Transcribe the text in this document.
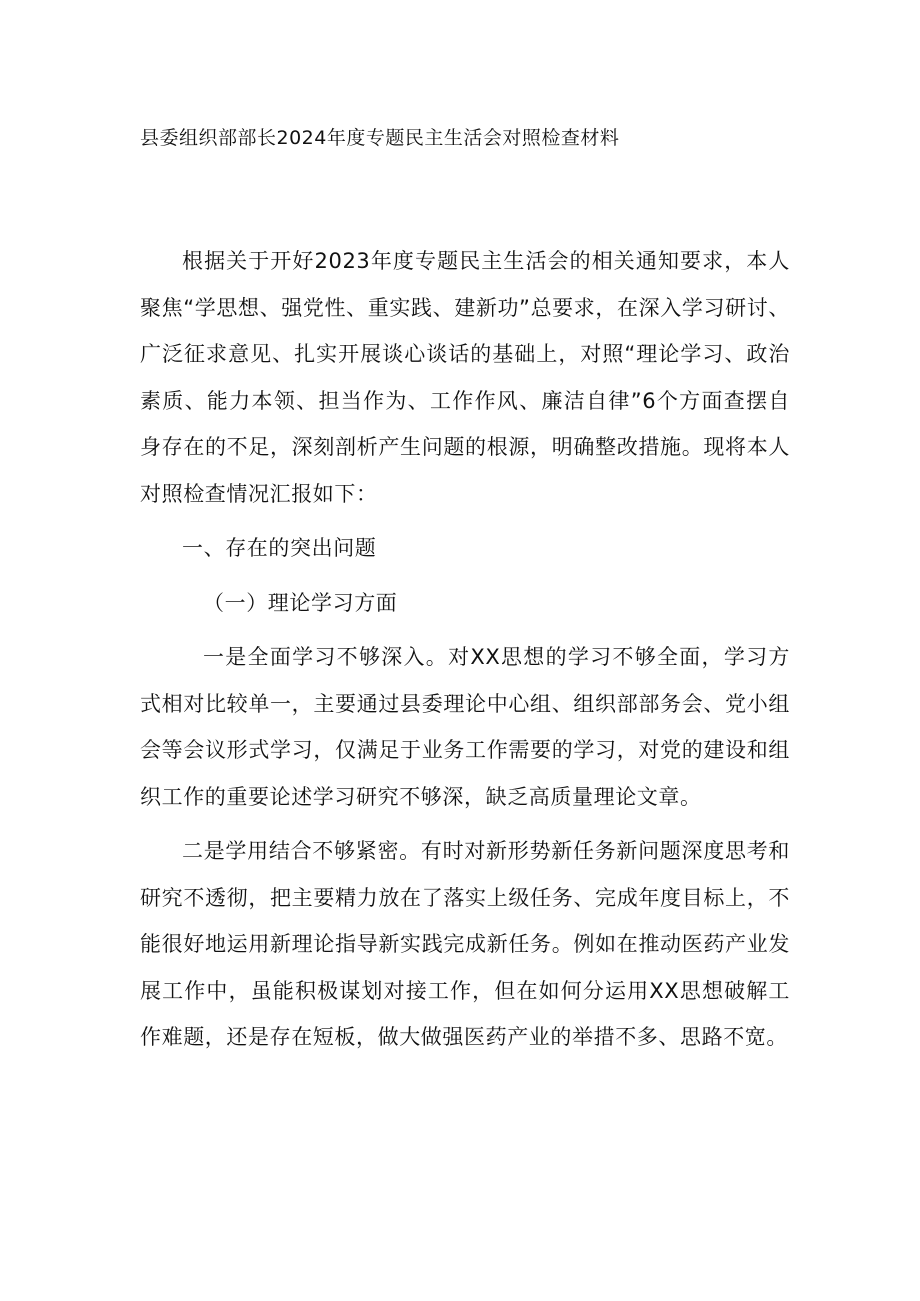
县委组织部部长2024年度专题民主生活会对照检查材料

根据关于开好2023年度专题民主生活会的相关通知要求，本人聚焦“学思想、强党性、重实践、建新功”总要求，在深入学习研讨、广泛征求意见、扎实开展谈心谈话的基础上，对照“理论学习、政治素质、能力本领、担当作为、工作作风、廉洁自律”6个方面查摆自身存在的不足，深刻剖析产生问题的根源，明确整改措施。现将本人对照检查情况汇报如下：

一、存在的突出问题

（一）理论学习方面

一是全面学习不够深入。对XX思想的学习不够全面，学习方式相对比较单一，主要通过县委理论中心组、组织部部务会、党小组会等会议形式学习，仅满足于业务工作需要的学习，对党的建设和组织工作的重要论述学习研究不够深，缺乏高质量理论文章。

二是学用结合不够紧密。有时对新形势新任务新问题深度思考和研究不透彻，把主要精力放在了落实上级任务、完成年度目标上，不能很好地运用新理论指导新实践完成新任务。例如在推动医药产业发展工作中，虽能积极谋划对接工作，但在如何分运用XX思想破解工作难题，还是存在短板，做大做强医药产业的举措不多、思路不宽。
